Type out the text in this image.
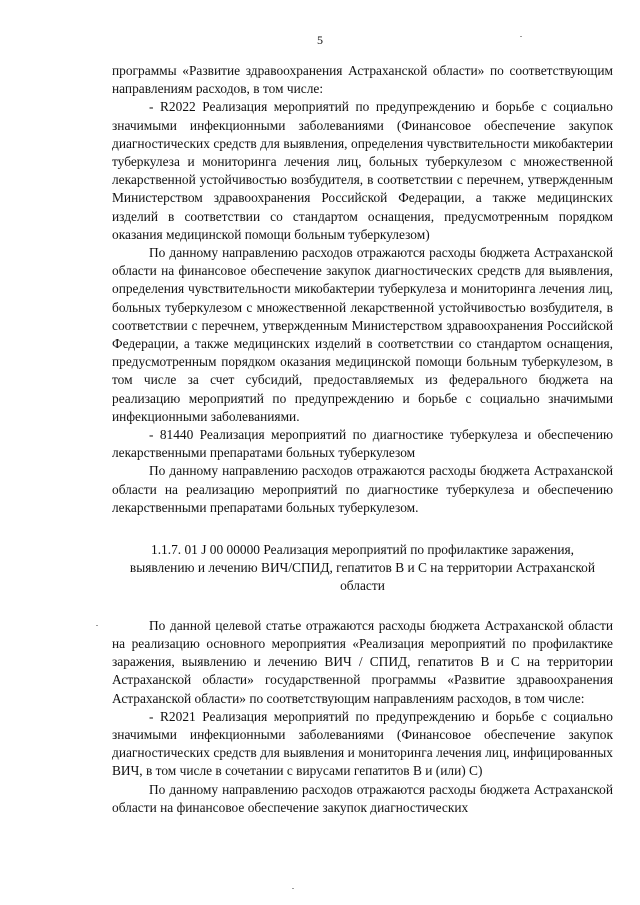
5

программы «Развитие здравоохранения Астраханской области» по соответствующим направлениям расходов, в том числе:

- R2022 Реализация мероприятий по предупреждению и борьбе с социально значимыми инфекционными заболеваниями (Финансовое обеспечение закупок диагностических средств для выявления, определения чувствительности микобактерии туберкулеза и мониторинга лечения лиц, больных туберкулезом с множественной лекарственной устойчивостью возбудителя, в соответствии с перечнем, утвержденным Министерством здравоохранения Российской Федерации, а также медицинских изделий в соответствии со стандартом оснащения, предусмотренным порядком оказания медицинской помощи больным туберкулезом)

По данному направлению расходов отражаются расходы бюджета Астраханской области на финансовое обеспечение закупок диагностических средств для выявления, определения чувствительности микобактерии туберкулеза и мониторинга лечения лиц, больных туберкулезом с множественной лекарственной устойчивостью возбудителя, в соответствии с перечнем, утвержденным Министерством здравоохранения Российской Федерации, а также медицинских изделий в соответствии со стандартом оснащения, предусмотренным порядком оказания медицинской помощи больным туберкулезом, в том числе за счет субсидий, предоставляемых из федерального бюджета на реализацию мероприятий по предупреждению и борьбе с социально значимыми инфекционными заболеваниями.

- 81440 Реализация мероприятий по диагностике туберкулеза и обеспечению лекарственными препаратами больных туберкулезом

По данному направлению расходов отражаются расходы бюджета Астраханской области на реализацию мероприятий по диагностике туберкулеза и обеспечению лекарственными препаратами больных туберкулезом.

1.1.7. 01 J 00 00000 Реализация мероприятий по профилактике заражения, выявлению и лечению ВИЧ/СПИД, гепатитов В и С на территории Астраханской области

По данной целевой статье отражаются расходы бюджета Астраханской области на реализацию основного мероприятия «Реализация мероприятий по профилактике заражения, выявлению и лечению ВИЧ / СПИД, гепатитов В и С на территории Астраханской области» государственной программы «Развитие здравоохранения Астраханской области» по соответствующим направлениям расходов, в том числе:

- R2021 Реализация мероприятий по предупреждению и борьбе с социально значимыми инфекционными заболеваниями (Финансовое обеспечение закупок диагностических средств для выявления и мониторинга лечения лиц, инфицированных ВИЧ, в том числе в сочетании с вирусами гепатитов В и (или) С)

По данному направлению расходов отражаются расходы бюджета Астраханской области на финансовое обеспечение закупок диагностических
